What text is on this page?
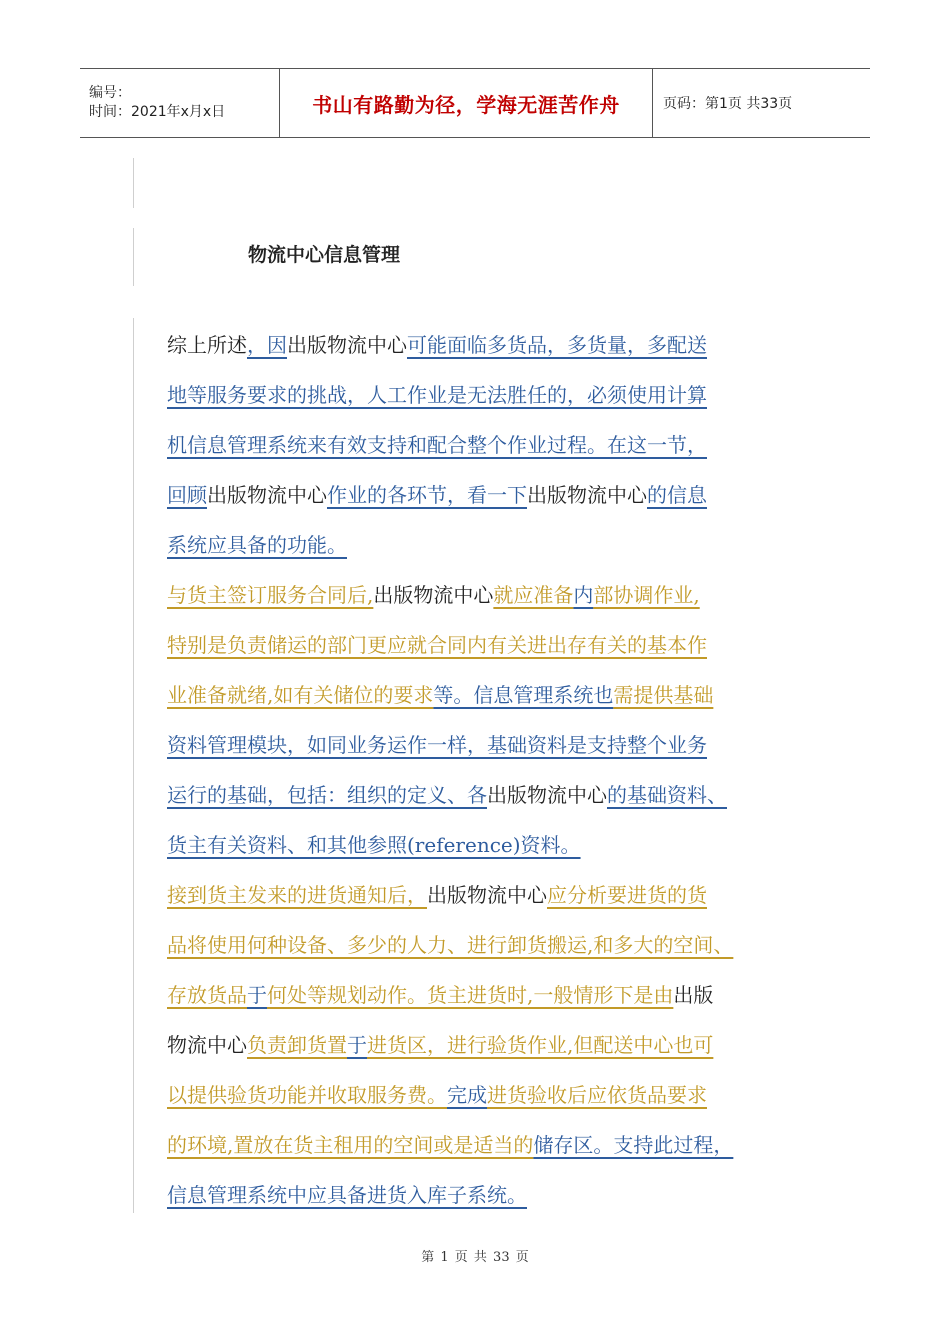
编号：
时间：2021年x月x日	书山有路勤为径，学海无涯苦作舟	页码：第1页 共33页
物流中心信息管理

综上所述，因出版物流中心可能面临多货品，多货量，多配送
地等服务要求的挑战，人工作业是无法胜任的，必须使用计算
机信息管理系统来有效支持和配合整个作业过程。在这一节，
回顾出版物流中心作业的各环节，看一下出版物流中心的信息
系统应具备的功能。

与货主签订服务合同后,出版物流中心就应准备内部协调作业,
特别是负责储运的部门更应就合同内有关进出存有关的基本作
业准备就绪,如有关储位的要求等。信息管理系统也需提供基础
资料管理模块，如同业务运作一样，基础资料是支持整个业务
运行的基础，包括：组织的定义、各出版物流中心的基础资料、
货主有关资料、和其他参照(reference)资料。

接到货主发来的进货通知后，出版物流中心应分析要进货的货
品将使用何种设备、多少的人力、进行卸货搬运,和多大的空间、
存放货品于何处等规划动作。货主进货时,一般情形下是由出版
物流中心负责卸货置于进货区，进行验货作业,但配送中心也可
以提供验货功能并收取服务费。完成进货验收后应依货品要求
的环境,置放在货主租用的空间或是适当的储存区。支持此过程，
信息管理系统中应具备进货入库子系统。

第 1 页 共 33 页
